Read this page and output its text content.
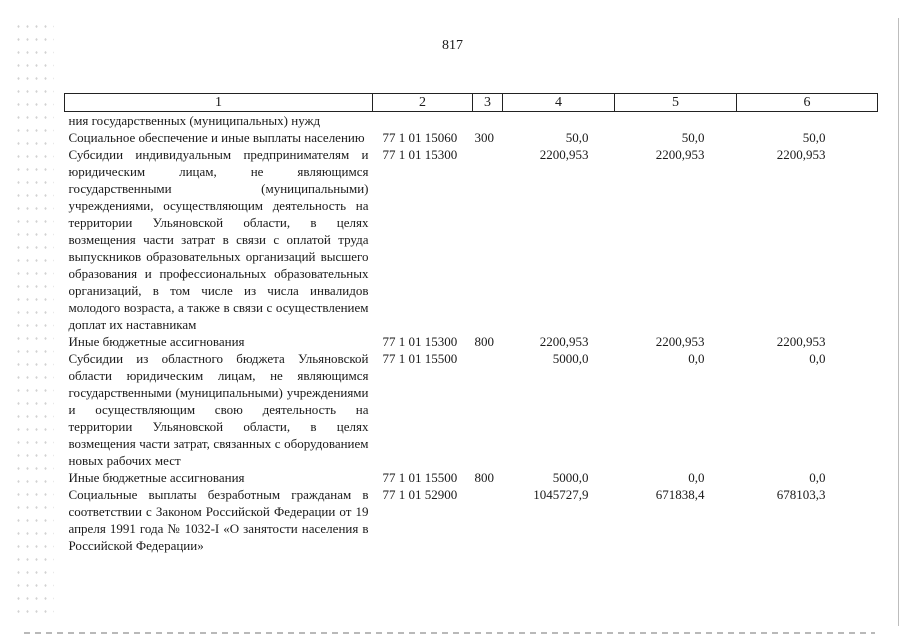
817
1	2	3	4	5	6
ния государственных (муниципальных) нужд					
Социальное обеспечение и иные выплаты населению	77 1 01 15060	300	50,0	50,0	50,0
Субсидии индивидуальным предпринимателям и юридическим лицам, не являющимся государственными (муниципальными) учреждениями, осуществляющим деятельность на территории Ульяновской области, в целях возмещения части затрат в связи с оплатой труда выпускников образовательных организаций высшего образования и профессиональных образовательных организаций, в том числе из числа инвалидов молодого возраста, а также в связи с осуществлением доплат их наставникам	77 1 01 15300		2200,953	2200,953	2200,953
Иные бюджетные ассигнования	77 1 01 15300	800	2200,953	2200,953	2200,953
Субсидии из областного бюджета Ульяновской области юридическим лицам, не являющимся государственными (муниципальными) учреждениями и осуществляющим свою деятельность на территории Ульяновской области, в целях возмещения части затрат, связанных с оборудованием новых рабочих мест	77 1 01 15500		5000,0	0,0	0,0
Иные бюджетные ассигнования	77 1 01 15500	800	5000,0	0,0	0,0
Социальные выплаты безработным гражданам в соответствии с Законом Российской Федерации от 19 апреля 1991 года № 1032-I «О занятости населения в Российской Федерации»	77 1 01 52900		1045727,9	671838,4	678103,3
